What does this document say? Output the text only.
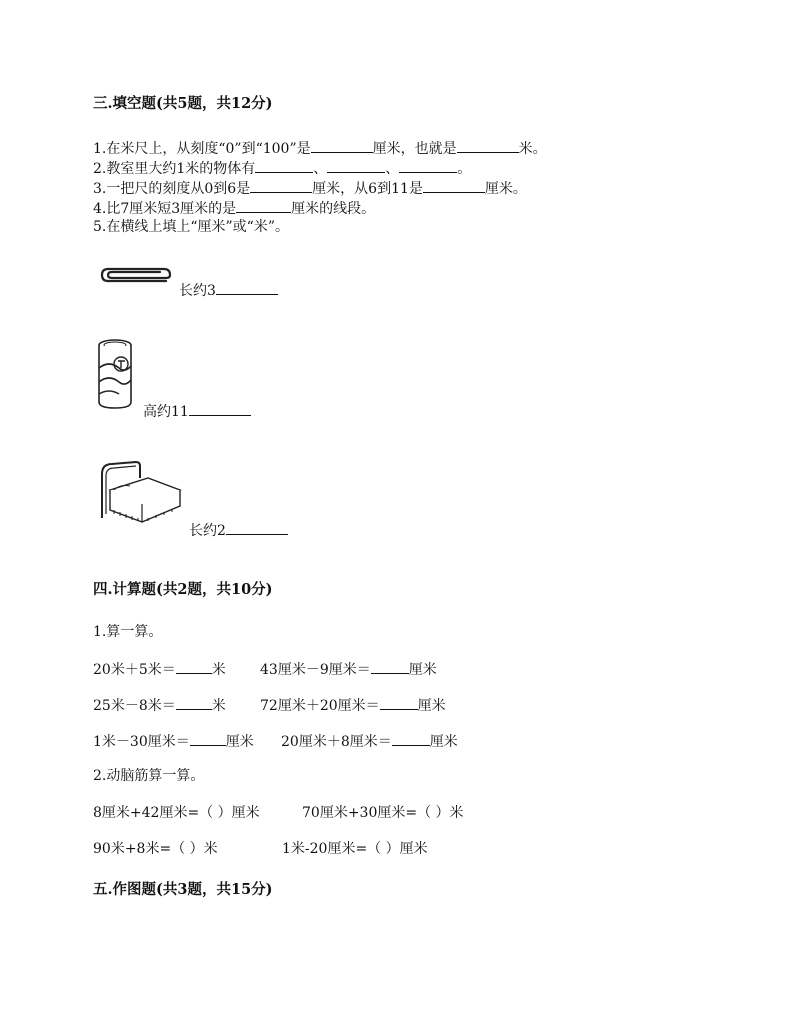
三.填空题(共5题，共12分)
1.在米尺上，从刻度“0”到“100”是	厘米，也就是	米。
2.教室里大约1米的物体有	、	、	。
3.一把尺的刻度从0到6是	厘米，从6到11是	厘米。
4.比7厘米短3厘米的是	厘米的线段。
5.在横线上填上“厘米”或“米”。
长约3
高约11
长约2
四.计算题(共2题，共10分)
1.算一算。
20米＋5米＝	米 43厘米－9厘米＝	厘米
25米－8米＝	米 72厘米＋20厘米＝	厘米
1米－30厘米＝	厘米 20厘米＋8厘米＝	厘米
2.动脑筋算一算。
8厘米+42厘米=（ ）厘米	70厘米+30厘米=（ ）米
90米+8米=（ ）米	1米-20厘米=（ ）厘米
五.作图题(共3题，共15分)
